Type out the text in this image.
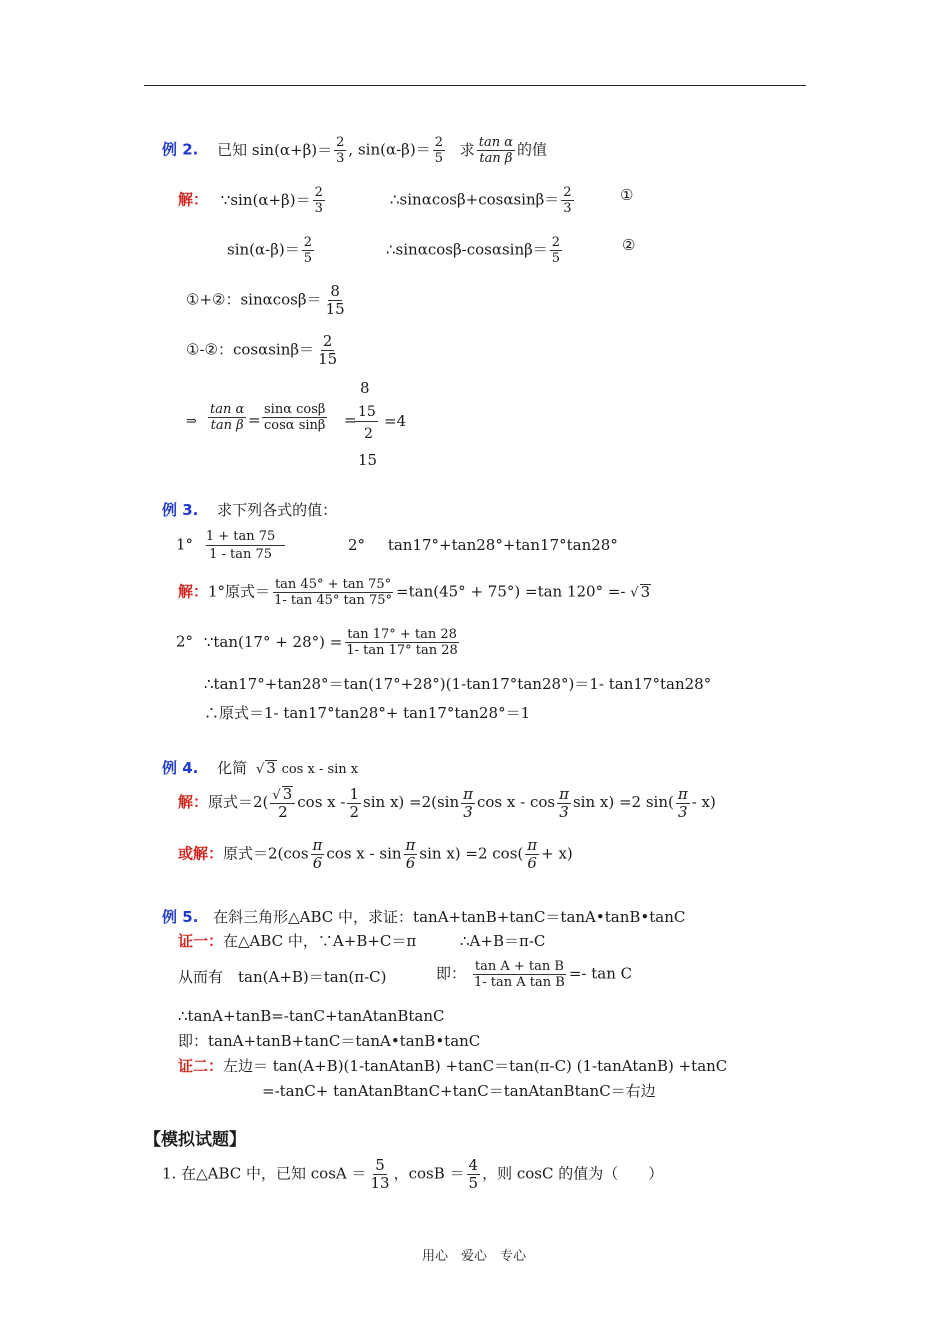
例 2. 已知 $\sin(\alpha+\beta)= \frac{2}{3}$ , $\sin(\alpha-\beta)= \frac{2}{5}$ 求 $\frac{\text{tan α}}{\text{tan β}}$ 的值
解： ∵sin(α+β)＝ $\frac{2}{3}$	∴sinαcosβ+cosαsinβ＝ $\frac{2}{3}$	①
$\sin(\alpha-\beta)= \frac{2}{5}$	∴sinαcosβ-cosαsinβ＝ $\frac{2}{5}$	②
①+②：$\sin\alpha\cos\beta= \frac{8}{15}$
①-②：$\cos\alpha\sin\beta= \frac{2}{15}$
⇒ $\frac{\text{tan α}}{\text{tan β}} = \frac{\text{sinα cosβ}}{\text{cosα sinβ}}$ =
8
15
2
15
=4
例 3. 求下列各式的值：
$1^\circ \frac{1 + \tan 75}{1 - \tan 75}$	2° tan17°+tan28°+tan17°tan28°
解：1°原式＝ $\frac{\tan 45^\circ + \tan 75^\circ}{1- \tan 45^\circ \tan 75^\circ} =\tan(45^\circ + 75^\circ) =\tan$ 120° =- √ 3
2° ∵tan(17° + $28^\circ) = \frac{\tan 17^\circ + \tan 28}{1- \tan 17^\circ \tan 28}$
∴tan17°+tan28°＝tan(17°+28°)(1-tan17°tan28°)＝1- tan17°tan28°
∴原式＝1- tan17°tan28°+ tan17°tan28°＝1
例 4. 化简 √ 3 cos x - sin x
解：原式$=2( \frac{√ 3}{2}$ cos x - $\frac{1}{2}$ $\sin x) =2(\sin \frac{\pi}{3}$ cos x - $\cos \frac{\pi}{3}$ sin x) =2 $\sin( \frac{\pi}{3} - x)$
或解：原式$=2(\cos \frac{\pi}{6}$ cos x - $\sin \frac{\pi}{6}$ sin x) =2 $\cos( \frac{\pi}{6} + x)$
例 5. 在斜三角形△ABC 中，求证：tanA+tanB+tanC＝tanA•tanB•tanC
证一：在△ABC 中，∵A+B+C＝π	∴A+B＝π-C
从而有　tan(A+B)＝tan(π-C)	即： $\frac{\text{tan A + tan B}}{\text{1- tan A tan B}} =- \tan C$
∴tanA+tanB=-tanC+tanAtanBtanC
即：tanA+tanB+tanC＝tanA•tanB•tanC
证二：左边＝ tan(A+B)(1-tanAtanB) +tanC＝tan(π-C) (1-tanAtanB) +tanC
=-tanC+ tanAtanBtanC+tanC＝tanAtanBtanC＝右边
【模拟试题】
1. 在△ABC 中，已知 $\cos A = \frac{5}{13}$ ，$\cos B = \frac{4}{5}$ ，则 cosC 的值为（　　）
用心　爱心　专心
